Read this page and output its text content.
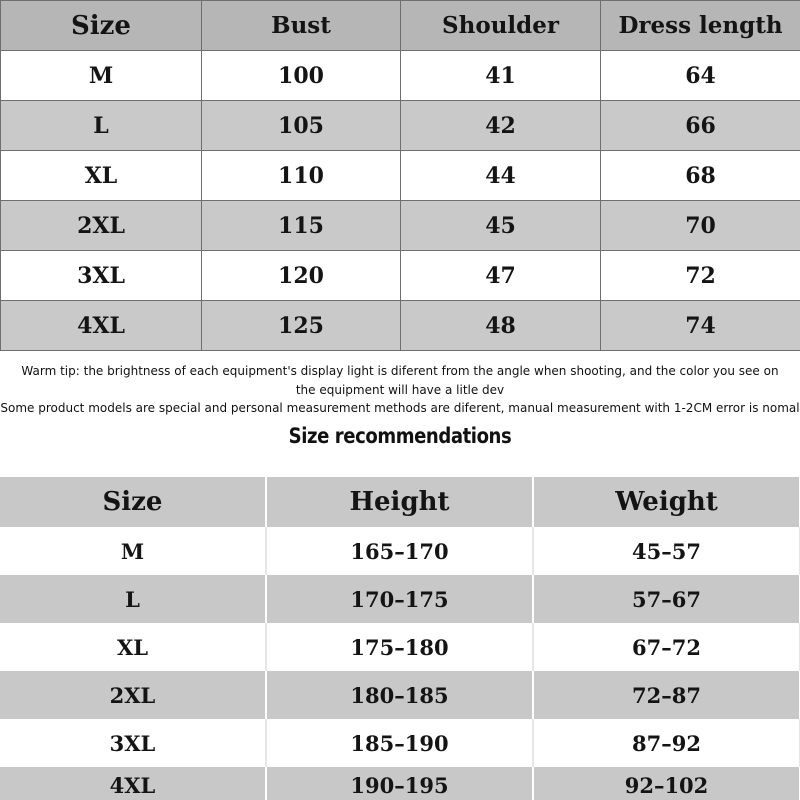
Size	Bust	Shoulder	Dress length
M	100	41	64
L	105	42	66
XL	110	44	68
2XL	115	45	70
3XL	120	47	72
4XL	125	48	74
Warm tip: the brightness of each equipment's display light is diferent from the angle when shooting, and the color you see on the equipment will have a litle dev
Some product models are special and personal measurement methods are diferent, manual measurement with 1-2CM error is nomal
Size recommendations
Size	Height	Weight
M	165–170	45–57
L	170–175	57–67
XL	175–180	67–72
2XL	180–185	72–87
3XL	185–190	87–92
4XL	190–195	92–102
